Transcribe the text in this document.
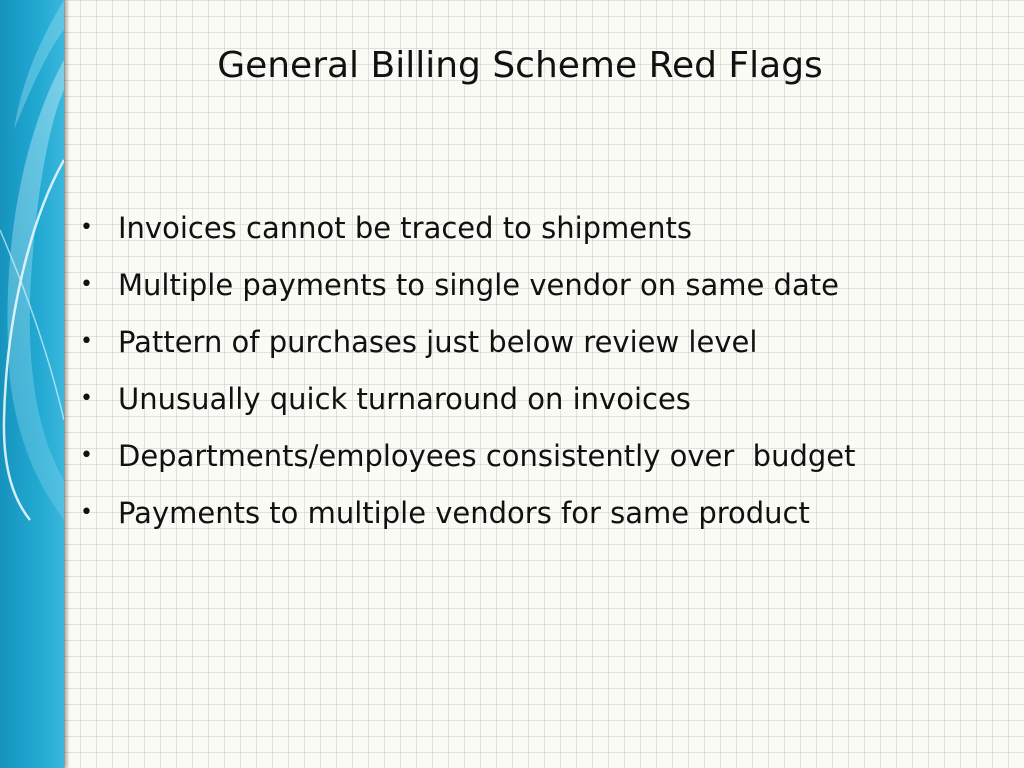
General Billing Scheme Red Flags
• Invoices cannot be traced to shipments
• Multiple payments to single vendor on same date
• Pattern of purchases just below review level
• Unusually quick turnaround on invoices
• Departments/employees consistently over  budget
• Payments to multiple vendors for same product
